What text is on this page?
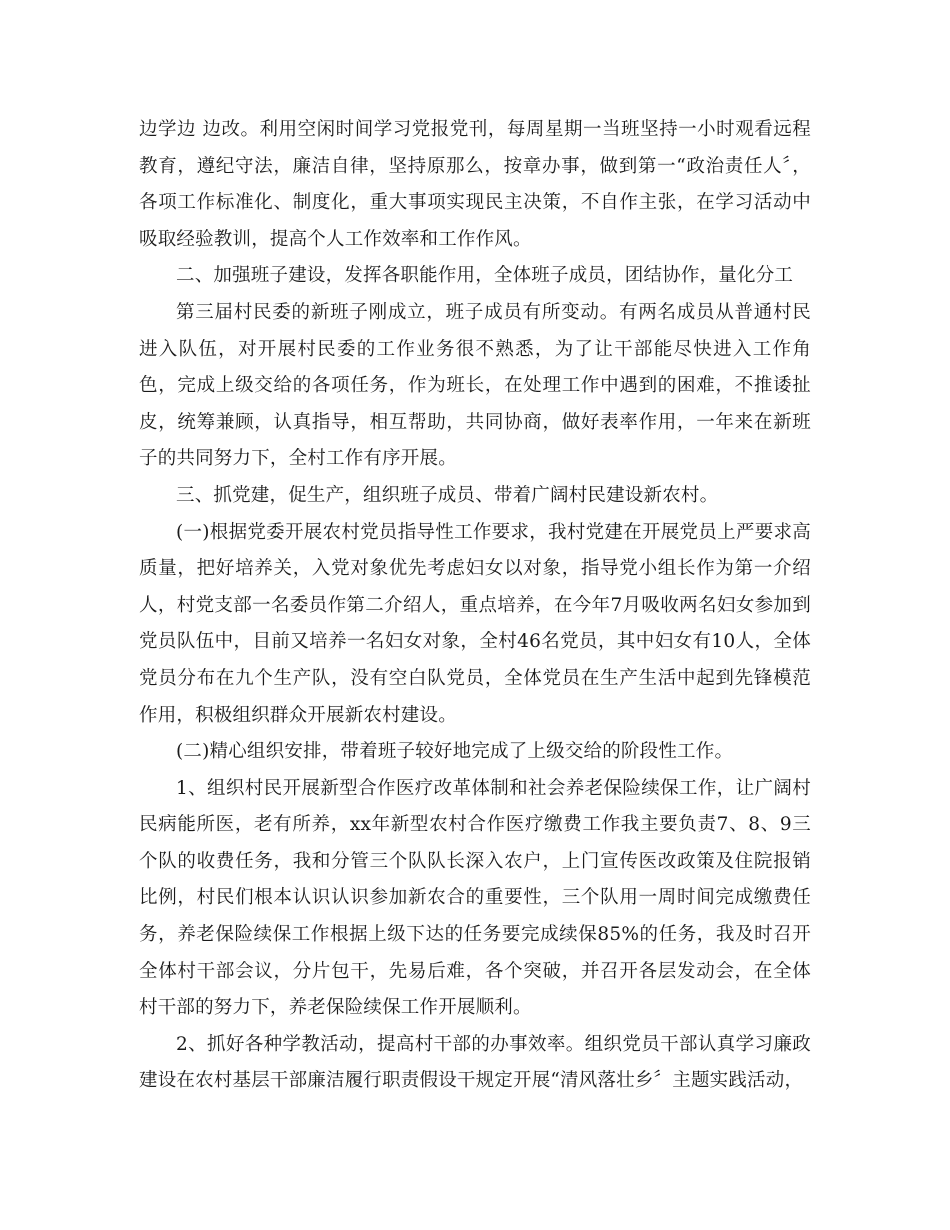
边学边 边改。利用空闲时间学习党报党刊，每周星期一当班坚持一小时观看远程教育，遵纪守法，廉洁自律，坚持原那么，按章办事，做到第一“政治责任人〞，各项工作标准化、制度化，重大事项实现民主决策，不自作主张，在学习活动中吸取经验教训，提高个人工作效率和工作作风。

二、加强班子建设，发挥各职能作用，全体班子成员，团结协作，量化分工

第三届村民委的新班子刚成立，班子成员有所变动。有两名成员从普通村民进入队伍，对开展村民委的工作业务很不熟悉，为了让干部能尽快进入工作角色，完成上级交给的各项任务，作为班长，在处理工作中遇到的困难，不推诿扯皮，统筹兼顾，认真指导，相互帮助，共同协商，做好表率作用，一年来在新班子的共同努力下，全村工作有序开展。

三、抓党建，促生产，组织班子成员、带着广阔村民建设新农村。

(一)根据党委开展农村党员指导性工作要求，我村党建在开展党员上严要求高质量，把好培养关，入党对象优先考虑妇女以对象，指导党小组长作为第一介绍人，村党支部一名委员作第二介绍人，重点培养，在今年7月吸收两名妇女参加到党员队伍中，目前又培养一名妇女对象，全村46名党员，其中妇女有10人，全体党员分布在九个生产队，没有空白队党员，全体党员在生产生活中起到先锋模范作用，积极组织群众开展新农村建设。

(二)精心组织安排，带着班子较好地完成了上级交给的阶段性工作。

1、组织村民开展新型合作医疗改革体制和社会养老保险续保工作，让广阔村民病能所医，老有所养，xx年新型农村合作医疗缴费工作我主要负责7、8、9三个队的收费任务，我和分管三个队队长深入农户，上门宣传医改政策及住院报销比例，村民们根本认识认识参加新农合的重要性，三个队用一周时间完成缴费任务，养老保险续保工作根据上级下达的任务要完成续保85%的任务，我及时召开全体村干部会议，分片包干，先易后难，各个突破，并召开各层发动会，在全体村干部的努力下，养老保险续保工作开展顺利。

2、抓好各种学教活动，提高村干部的办事效率。组织党员干部认真学习廉政建设在农村基层干部廉洁履行职责假设干规定开展“清风落壮乡〞主题实践活动，
